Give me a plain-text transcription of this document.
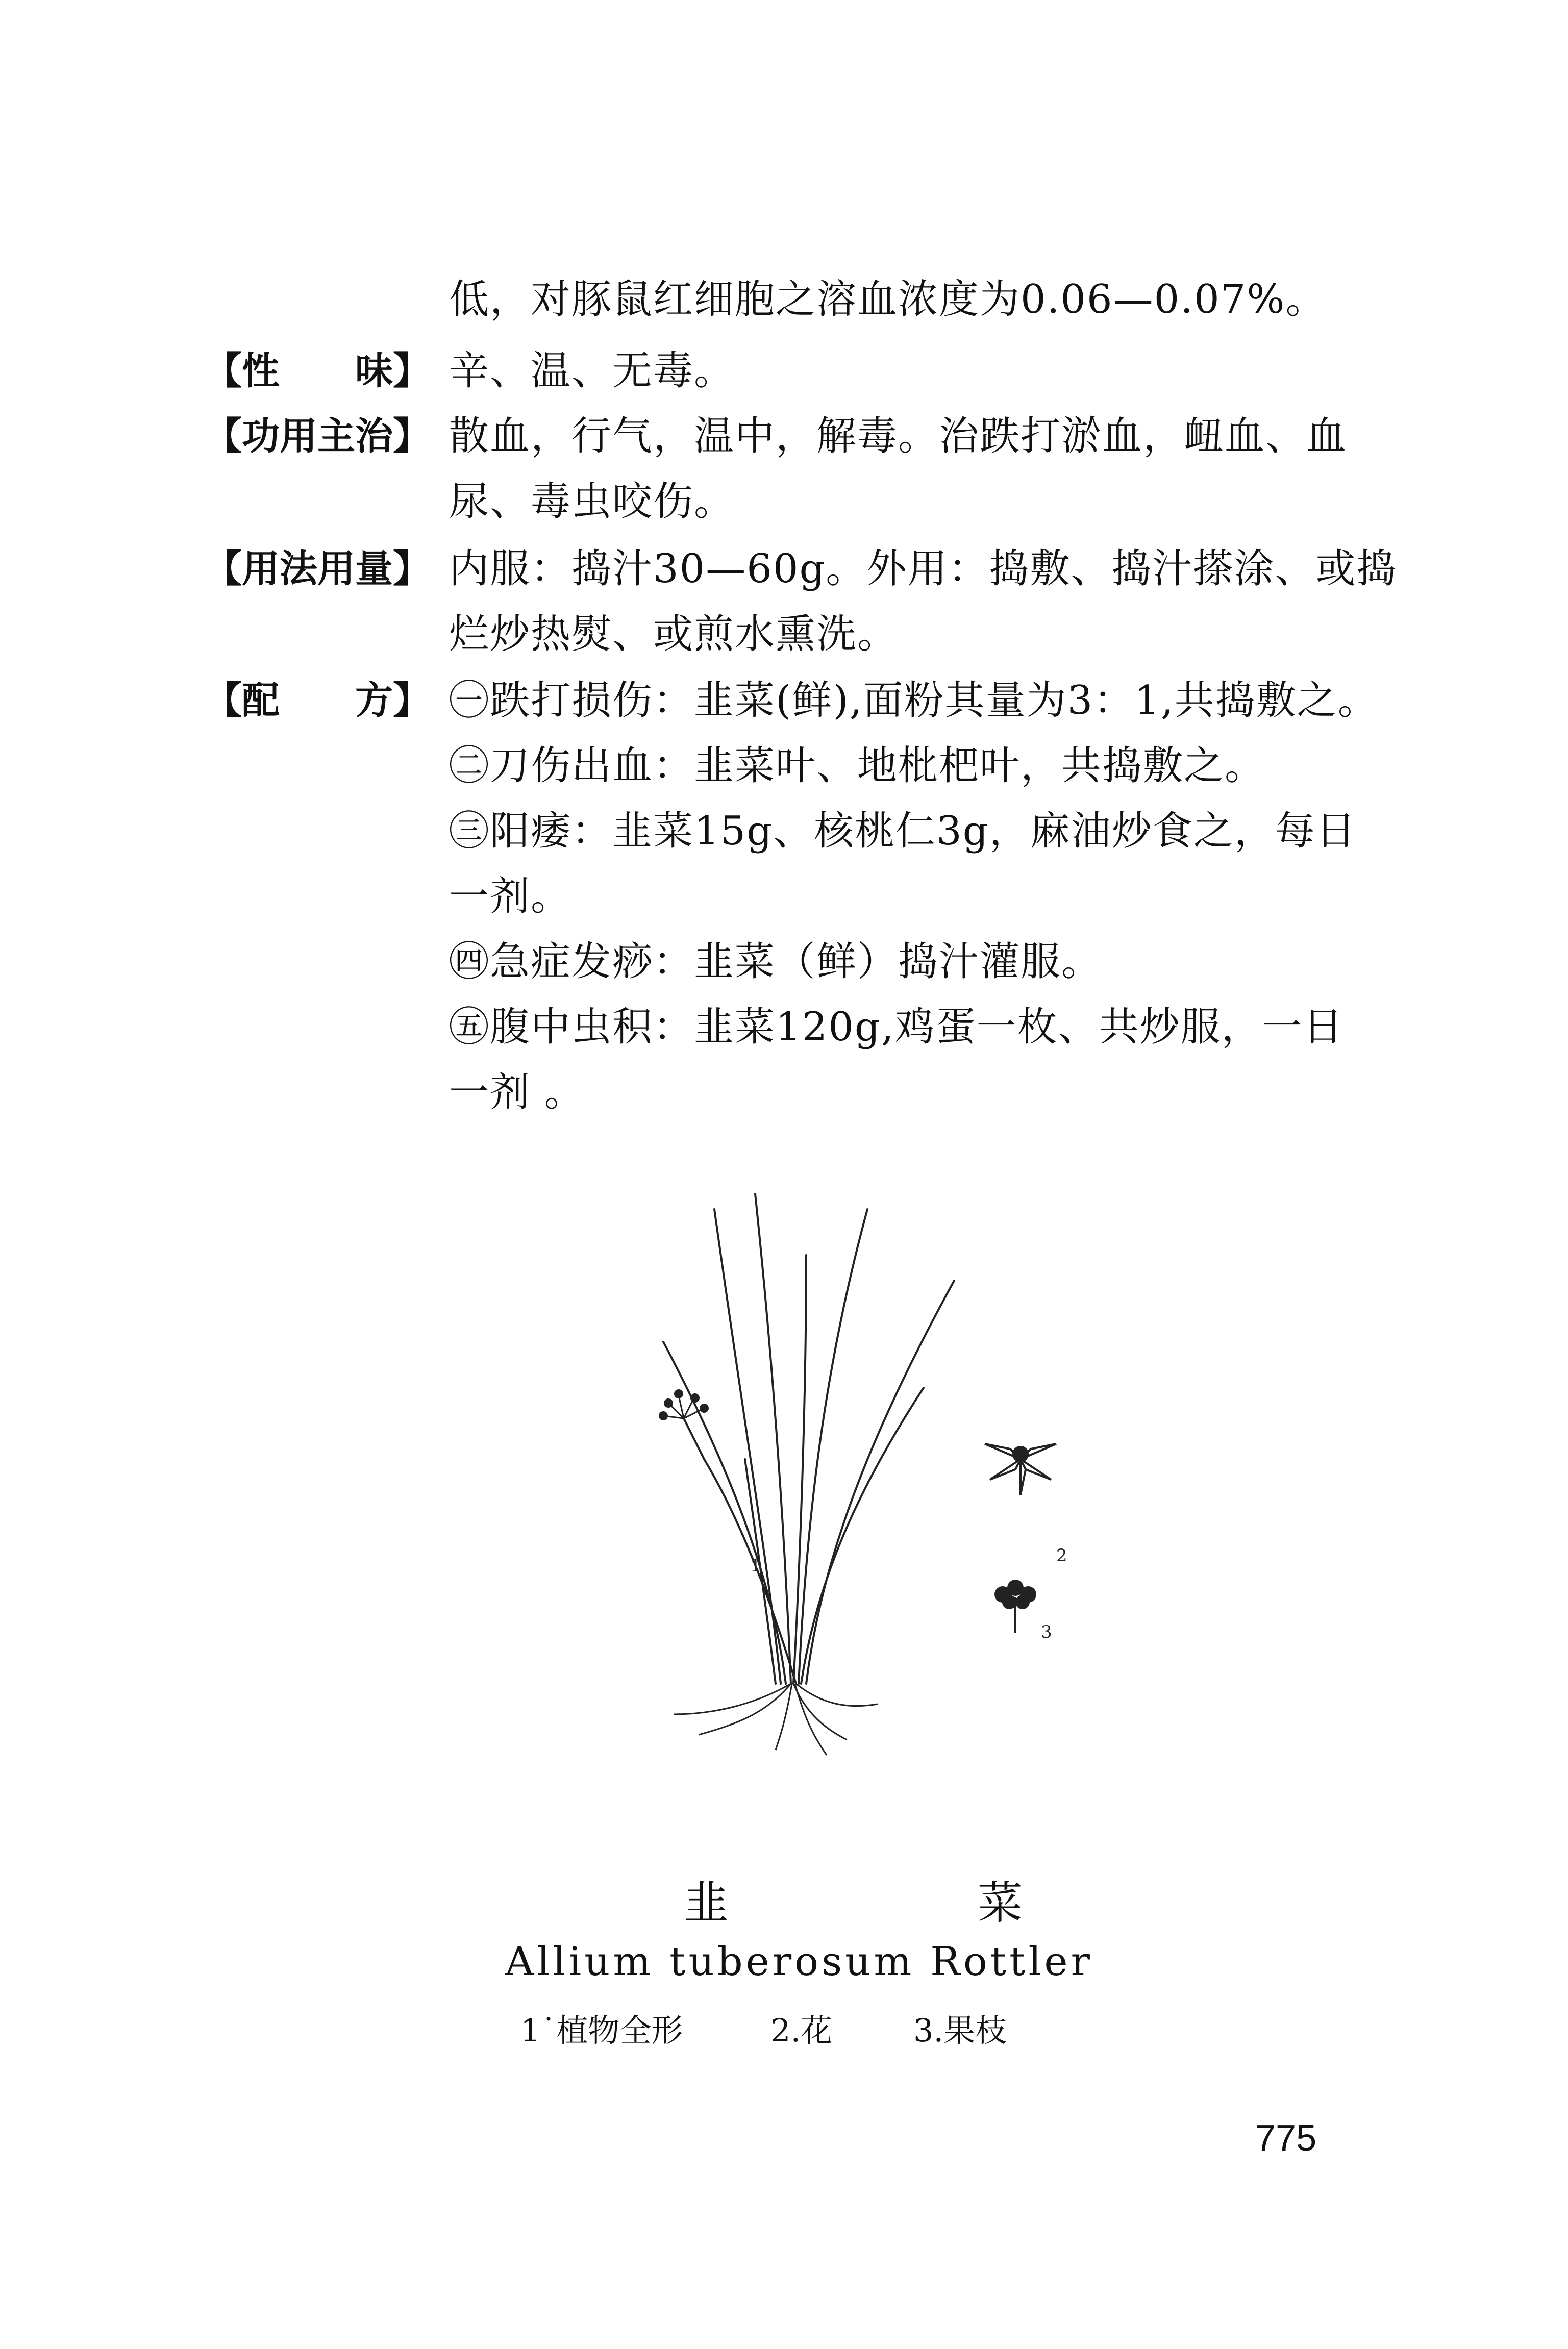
低，对豚鼠红细胞之溶血浓度为0.06—0.07%。
【性　　味】 辛、温、无毒。
【功用主治】 散血，行气，温中，解毒。治跌打淤血，衄血、血
尿、毒虫咬伤。
【用法用量】 内服：捣汁30—60g。外用：捣敷、捣汁搽涂、或捣
烂炒热熨、或煎水熏洗。
【配　　方】 ㊀跌打损伤：韭菜(鲜),面粉其量为3：1,共捣敷之。
㊁刀伤出血：韭菜叶、地枇杷叶，共捣敷之。
㊂阳痿：韭菜15g、核桃仁3g，麻油炒食之，每日
一剂。
㊃急症发痧：韭菜（鲜）捣汁灌服。
㊄腹中虫积：韭菜120g,鸡蛋一枚、共炒服，一日
一剂 。
1	2
3
韭　菜
Allium tuberosum Rottler
1˙植物全形	2.花	3.果枝
775
